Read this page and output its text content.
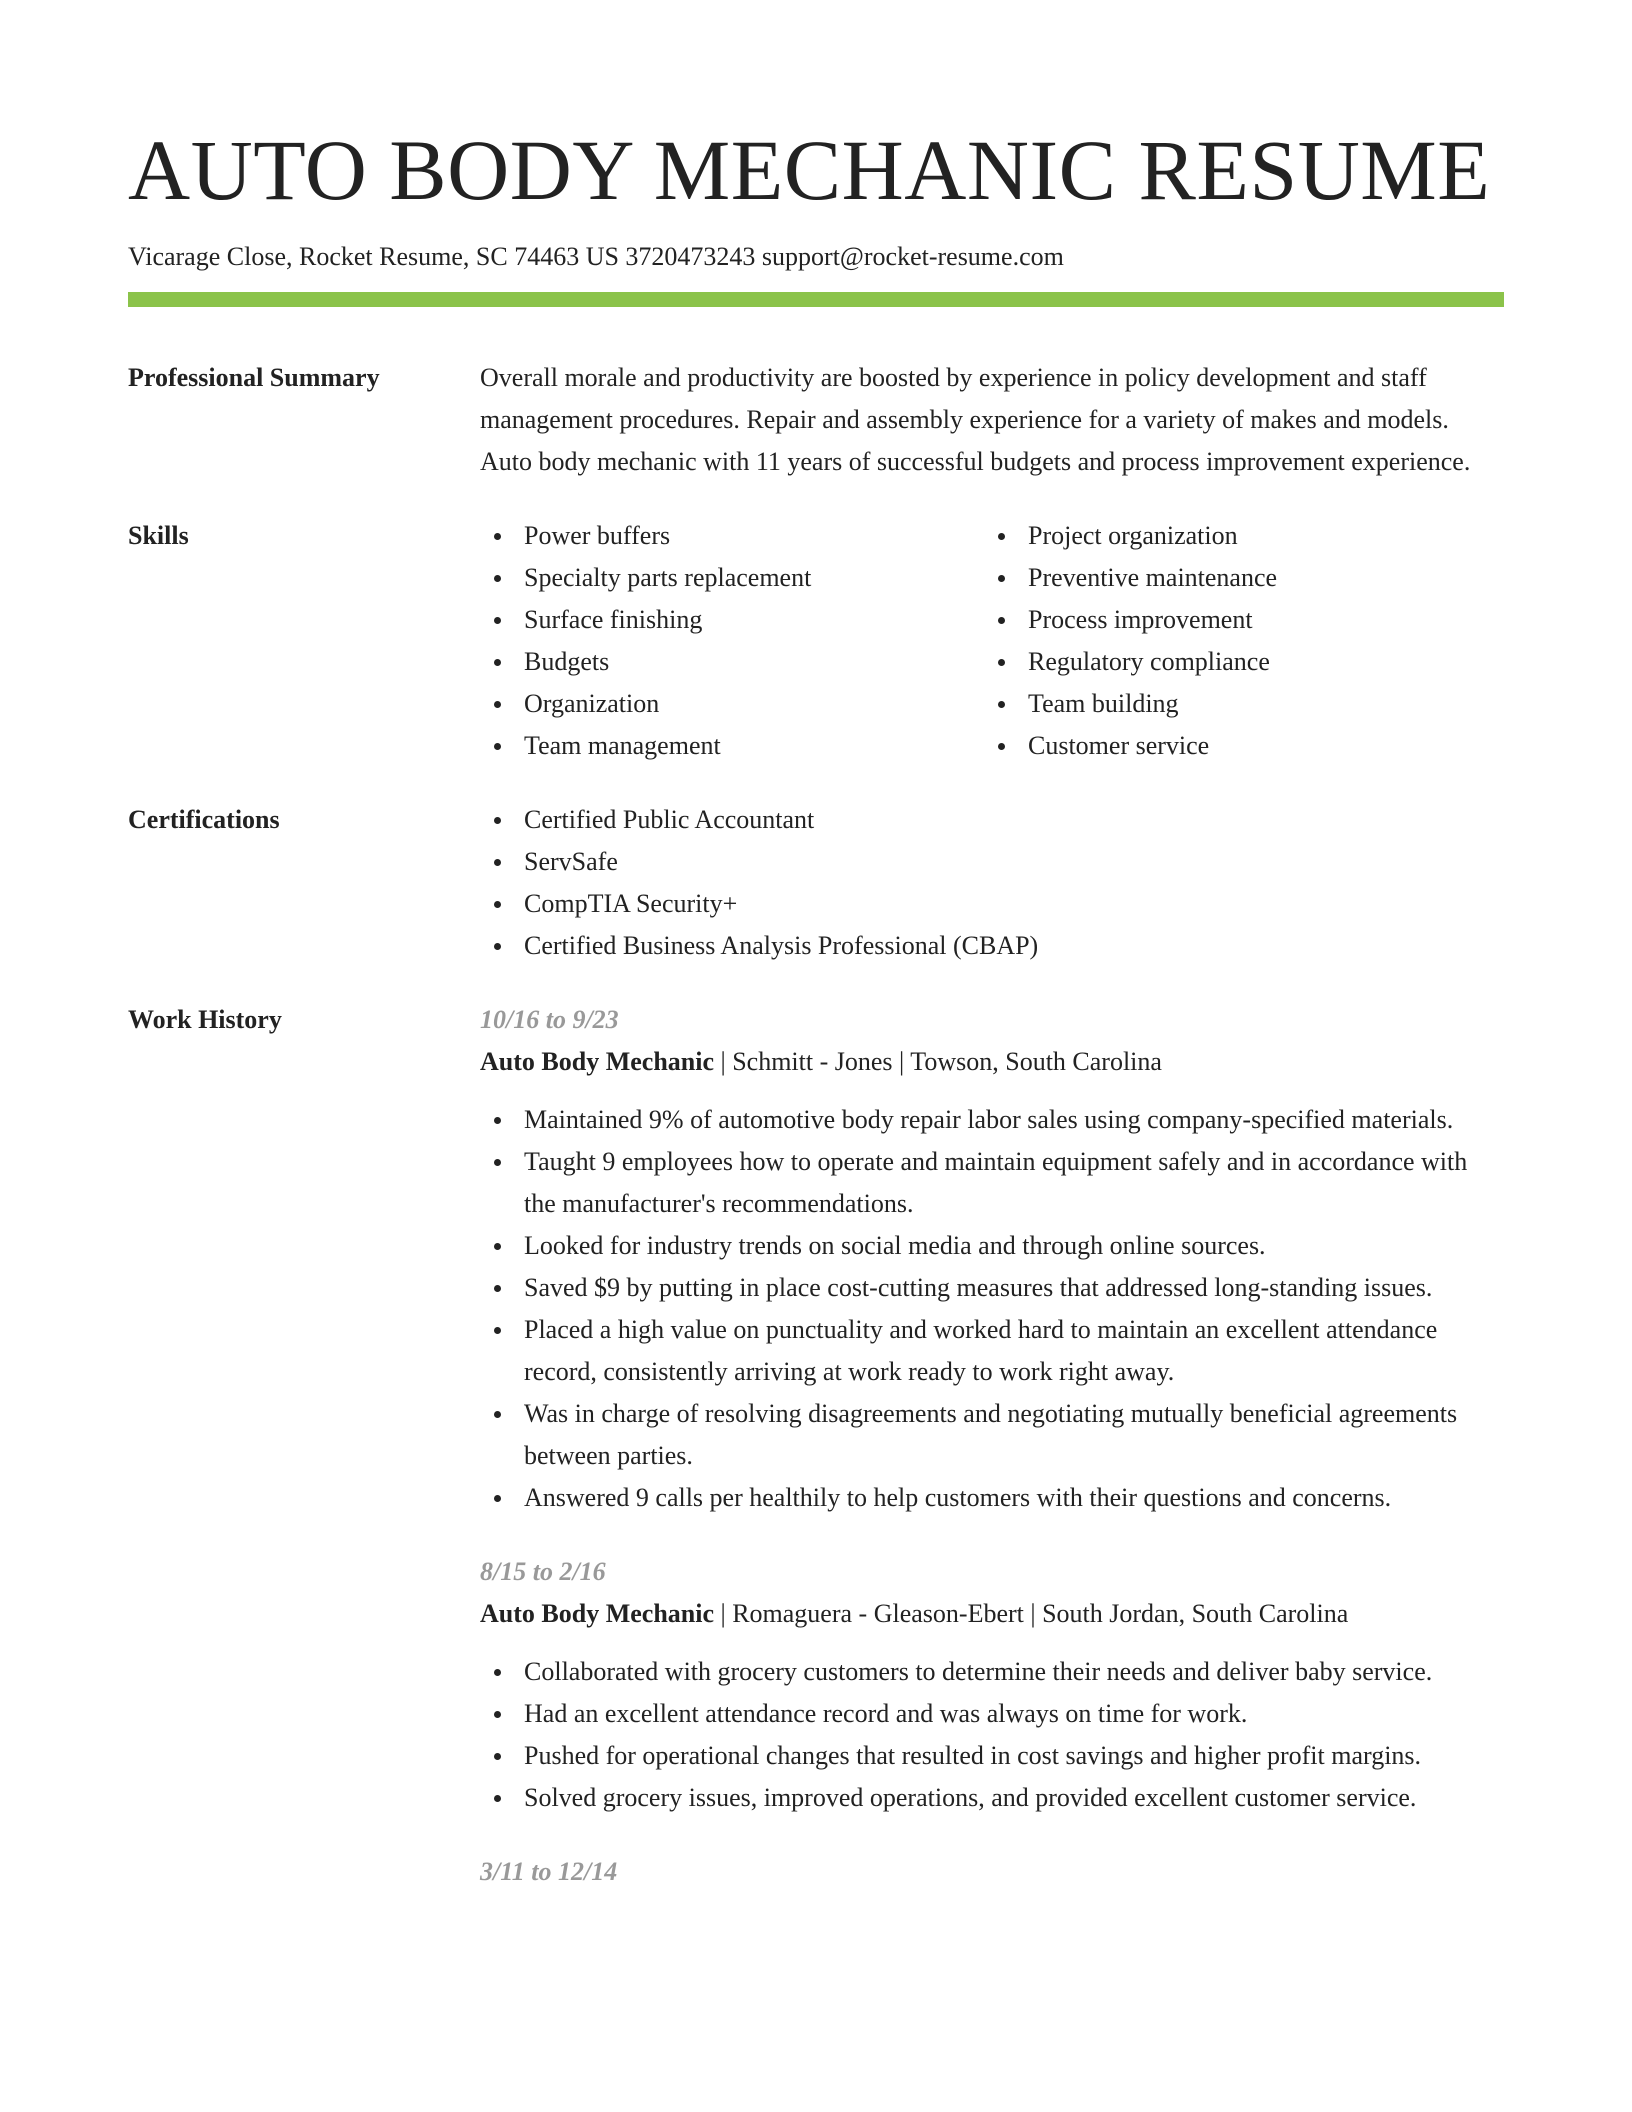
AUTO BODY MECHANIC RESUME
Vicarage Close, Rocket Resume, SC 74463 US 3720473243 support@rocket-resume.com
Professional Summary	Overall morale and productivity are boosted by experience in policy development and staff management procedures. Repair and assembly experience for a variety of makes and models. Auto body mechanic with 11 years of successful budgets and process improvement experience.
Skills	Power buffers
Specialty parts replacement
Surface finishing
Budgets
Organization
Team management
Project organization
Preventive maintenance
Process improvement
Regulatory compliance
Team building
Customer service
Certifications	Certified Public Accountant
ServSafe
CompTIA Security+
Certified Business Analysis Professional (CBAP)
Work History	10/16 to 9/23
Auto Body Mechanic | Schmitt - Jones | Towson, South Carolina
Maintained 9% of automotive body repair labor sales using company-specified materials.
Taught 9 employees how to operate and maintain equipment safely and in accordance with the manufacturer's recommendations.
Looked for industry trends on social media and through online sources.
Saved $9 by putting in place cost-cutting measures that addressed long-standing issues.
Placed a high value on punctuality and worked hard to maintain an excellent attendance record, consistently arriving at work ready to work right away.
Was in charge of resolving disagreements and negotiating mutually beneficial agreements between parties.
Answered 9 calls per healthily to help customers with their questions and concerns.
8/15 to 2/16
Auto Body Mechanic | Romaguera - Gleason-Ebert | South Jordan, South Carolina
Collaborated with grocery customers to determine their needs and deliver baby service.
Had an excellent attendance record and was always on time for work.
Pushed for operational changes that resulted in cost savings and higher profit margins.
Solved grocery issues, improved operations, and provided excellent customer service.
3/11 to 12/14
